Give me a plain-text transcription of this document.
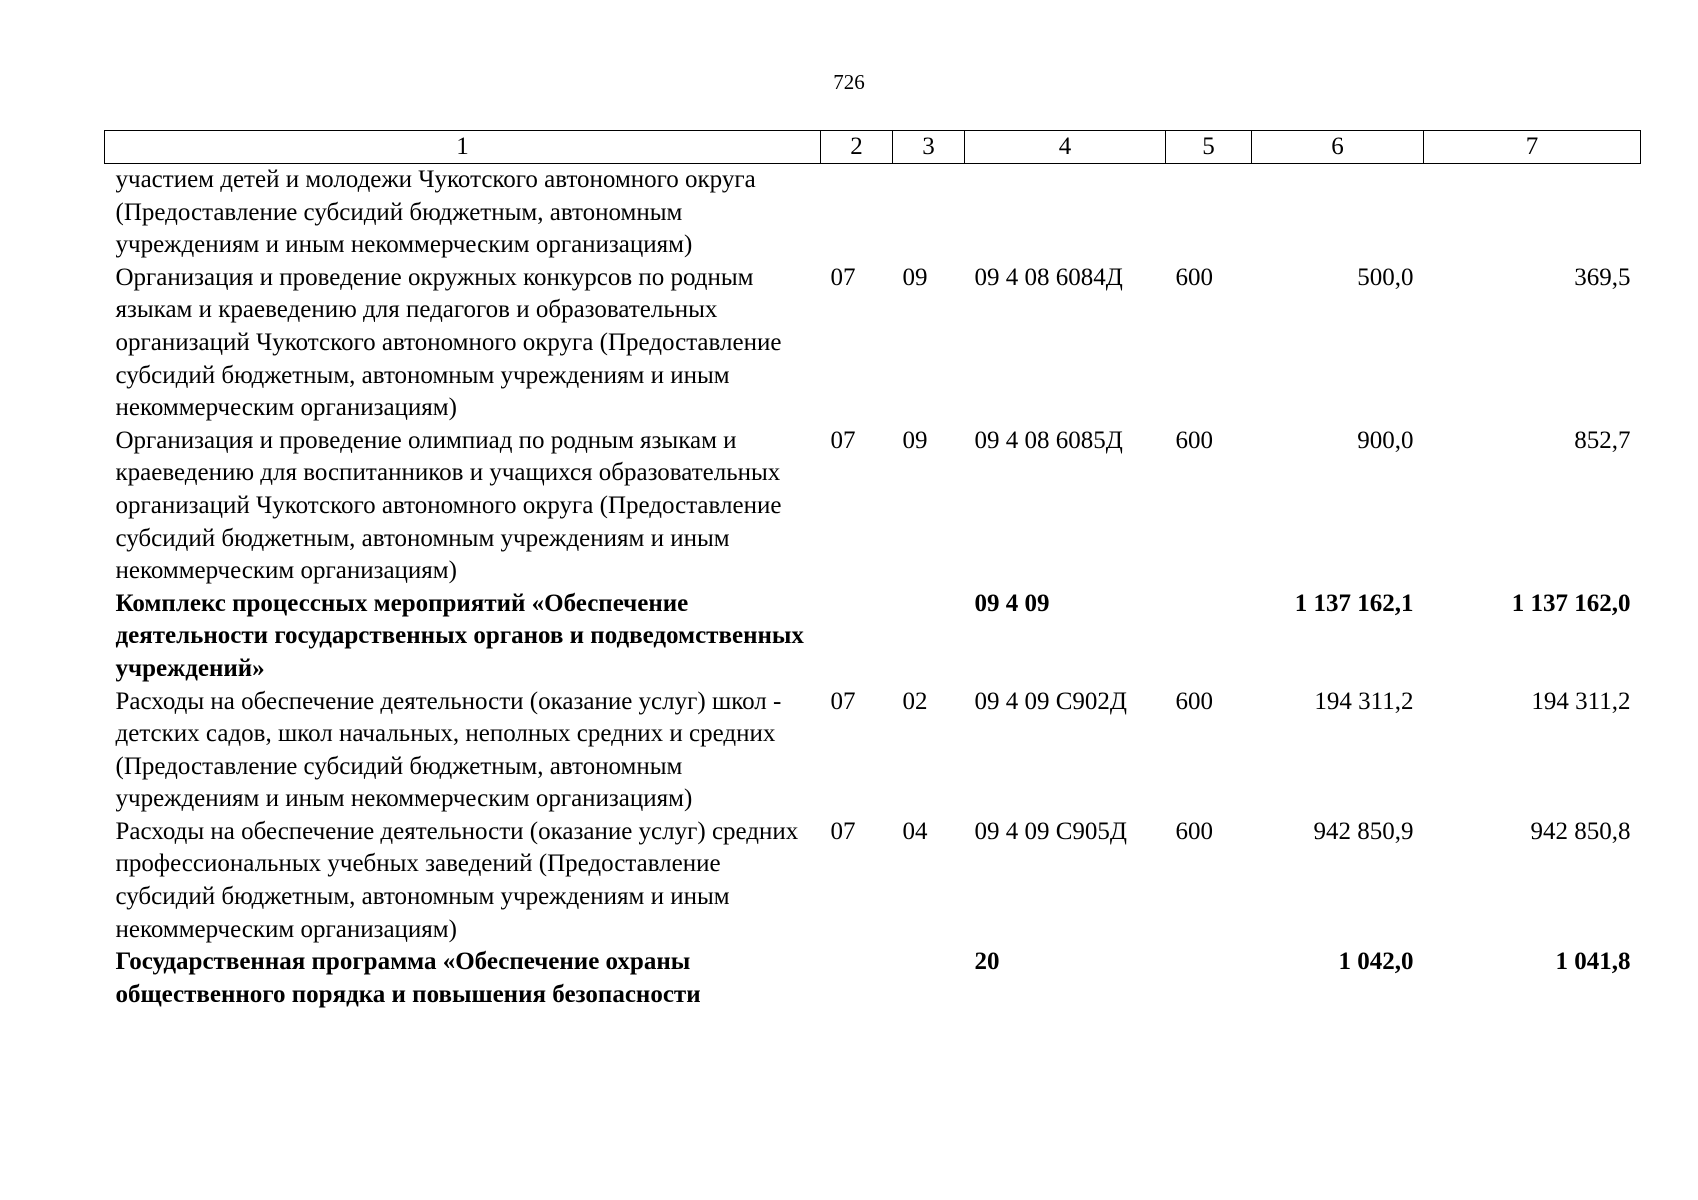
726
1	2	3	4	5	6	7
участием детей и молодежи Чукотского автономного округа (Предоставление субсидий бюджетным, автономным учреждениям и иным некоммерческим организациям)						
Организация и проведение окружных конкурсов по родным языкам и краеведению для педагогов и образовательных организаций Чукотского автономного округа (Предоставление субсидий бюджетным, автономным учреждениям и иным некоммерческим организациям)	07	09	09 4 08 6084Д	600	500,0	369,5
Организация и проведение олимпиад по родным языкам и краеведению для воспитанников и учащихся образовательных организаций Чукотского автономного округа (Предоставление субсидий бюджетным, автономным учреждениям и иным некоммерческим организациям)	07	09	09 4 08 6085Д	600	900,0	852,7
Комплекс процессных мероприятий «Обеспечение деятельности государственных органов и подведомственных учреждений»			09 4 09		1 137 162,1	1 137 162,0
Расходы на обеспечение деятельности (оказание услуг) школ - детских садов, школ начальных, неполных средних и средних (Предоставление субсидий бюджетным, автономным учреждениям и иным некоммерческим организациям)	07	02	09 4 09 С902Д	600	194 311,2	194 311,2
Расходы на обеспечение деятельности (оказание услуг) средних профессиональных учебных заведений (Предоставление субсидий бюджетным, автономным учреждениям и иным некоммерческим организациям)	07	04	09 4 09 С905Д	600	942 850,9	942 850,8
Государственная программа «Обеспечение охраны общественного порядка и повышения безопасности			20		1 042,0	1 041,8
